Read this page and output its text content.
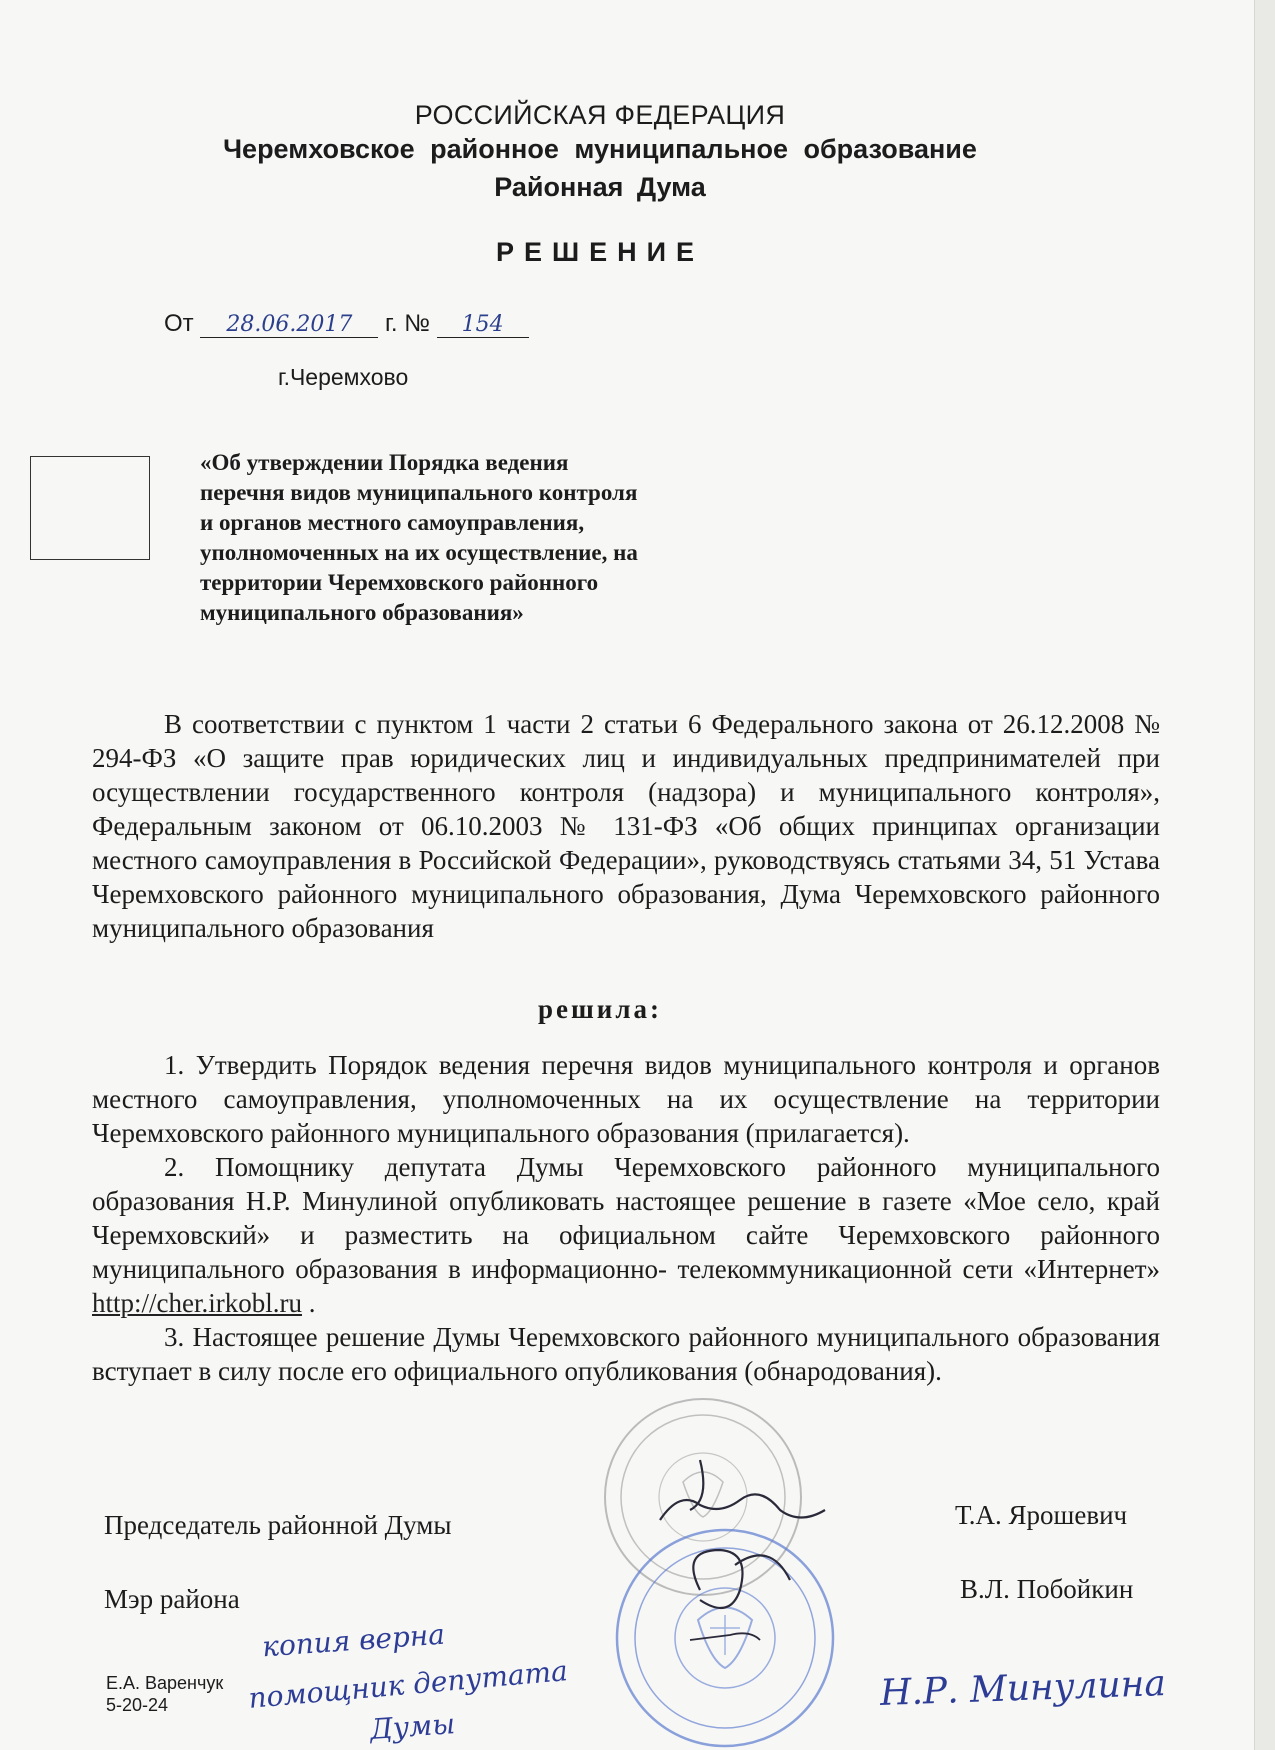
РОССИЙСКАЯ ФЕДЕРАЦИЯ
Черемховское районное муниципальное образование
Районная Дума
РЕШЕНИЕ
От 28.06.2017 г. № 154
г.Черемхово
«Об утверждении Порядка ведения
перечня видов муниципального контроля
и органов местного самоуправления,
уполномоченных на их осуществление, на
территории Черемховского районного
муниципального образования»
В соответствии с пунктом 1 части 2 статьи 6 Федерального закона от 26.12.2008 № 294-ФЗ «О защите прав юридических лиц и индивидуальных предпринимателей при осуществлении государственного контроля (надзора) и муниципального контроля», Федеральным законом от 06.10.2003 № 131-ФЗ «Об общих принципах организации местного самоуправления в Российской Федерации», руководствуясь статьями 34, 51 Устава Черемховского районного муниципального образования, Дума Черемховского районного муниципального образования
решила:

1. Утвердить Порядок ведения перечня видов муниципального контроля и органов местного самоуправления, уполномоченных на их осуществление на территории Черемховского районного муниципального образования (прилагается).

2. Помощнику депутата Думы Черемховского районного муниципального образования Н.Р. Минулиной опубликовать настоящее решение в газете «Мое село, край Черемховский» и разместить на официальном сайте Черемховского районного муниципального образования в информационно- телекоммуникационной сети «Интернет» http://cher.irkobl.ru .

3. Настоящее решение Думы Черемховского районного муниципального образования вступает в силу после его официального опубликования (обнародования).

Председатель районной Думы	Т.А. Ярошевич
Мэр района	В.Л. Побойкин
Е.А. Варенчук
5-20-24
копия верна
помощник депутата
Думы
Н.Р. Минулина
